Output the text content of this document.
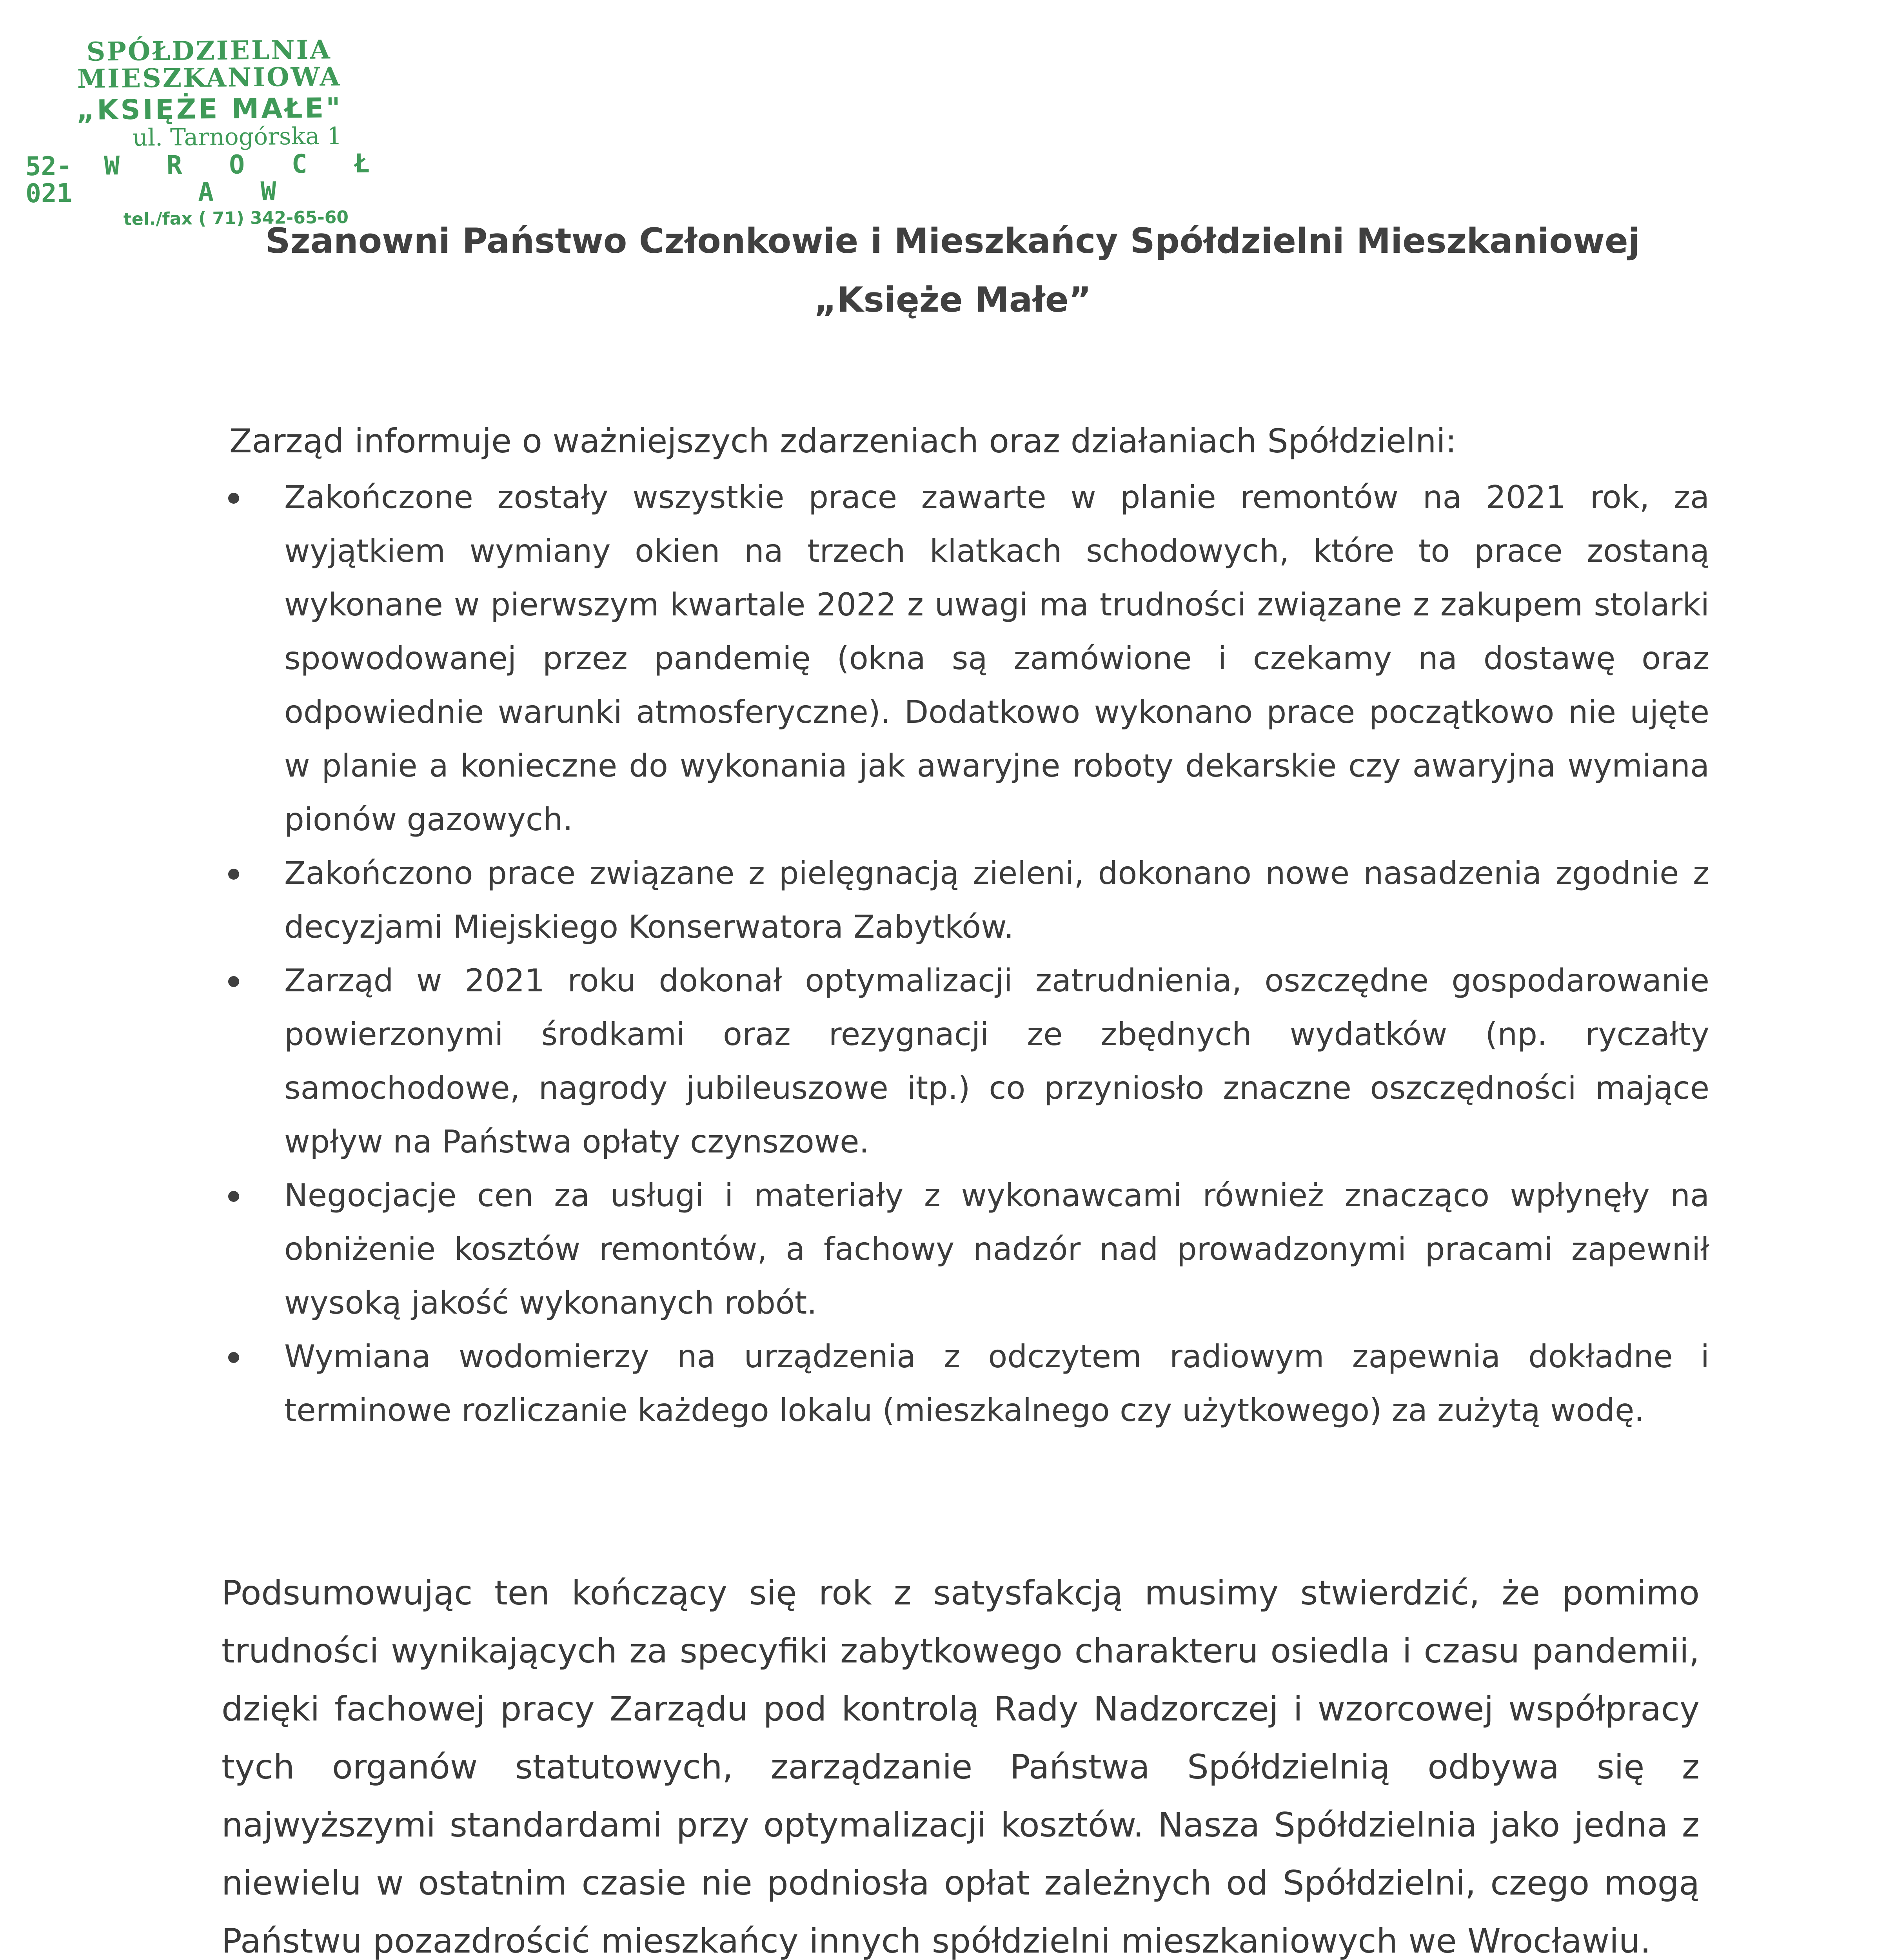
SPÓŁDZIELNIA MIESZKANIOWA
„KSIĘŻE MAŁE"
ul. Tarnogórska 1
52-021
W R O C Ł A W
tel./fax ( 71) 342-65-60
Szanowni Państwo Członkowie i Mieszkańcy Spółdzielni Mieszkaniowej
„Księże Małe”
Zarząd informuje o ważniejszych zdarzeniach oraz działaniach Spółdzielni:
Zakończone zostały wszystkie prace zawarte w planie remontów na 2021 rok, za wyjątkiem wymiany okien na trzech klatkach schodowych, które to prace zostaną wykonane w pierwszym kwartale 2022 z uwagi ma trudności związane z zakupem stolarki spowodowanej przez pandemię (okna są zamówione i czekamy na dostawę oraz odpowiednie warunki atmosferyczne). Dodatkowo wykonano prace początkowo nie ujęte w planie a konieczne do wykonania jak awaryjne roboty dekarskie czy awaryjna wymiana pionów gazowych.
Zakończono prace związane z pielęgnacją zieleni, dokonano nowe nasadzenia zgodnie z decyzjami Miejskiego Konserwatora Zabytków.
Zarząd w 2021 roku dokonał optymalizacji zatrudnienia, oszczędne gospodarowanie powierzonymi środkami oraz rezygnacji ze zbędnych wydatków (np. ryczałty samochodowe, nagrody jubileuszowe itp.) co przyniosło znaczne oszczędności mające wpływ na Państwa opłaty czynszowe.
Negocjacje cen za usługi i materiały z wykonawcami również znacząco wpłynęły na obniżenie kosztów remontów, a fachowy nadzór nad prowadzonymi pracami zapewnił wysoką jakość wykonanych robót.
Wymiana wodomierzy na urządzenia z odczytem radiowym zapewnia dokładne i terminowe rozliczanie każdego lokalu (mieszkalnego czy użytkowego) za zużytą wodę.
Podsumowując ten kończący się rok z satysfakcją musimy stwierdzić, że pomimo trudności wynikających za specyfiki zabytkowego charakteru osiedla i czasu pandemii, dzięki fachowej pracy Zarządu pod kontrolą Rady Nadzorczej i wzorcowej współpracy tych organów statutowych, zarządzanie Państwa Spółdzielnią odbywa się z najwyższymi standardami przy optymalizacji kosztów. Nasza Spółdzielnia jako jedna z niewielu w ostatnim czasie nie podniosła opłat zależnych od Spółdzielni, czego mogą Państwu pozazdrościć mieszkańcy innych spółdzielni mieszkaniowych we Wrocławiu.
